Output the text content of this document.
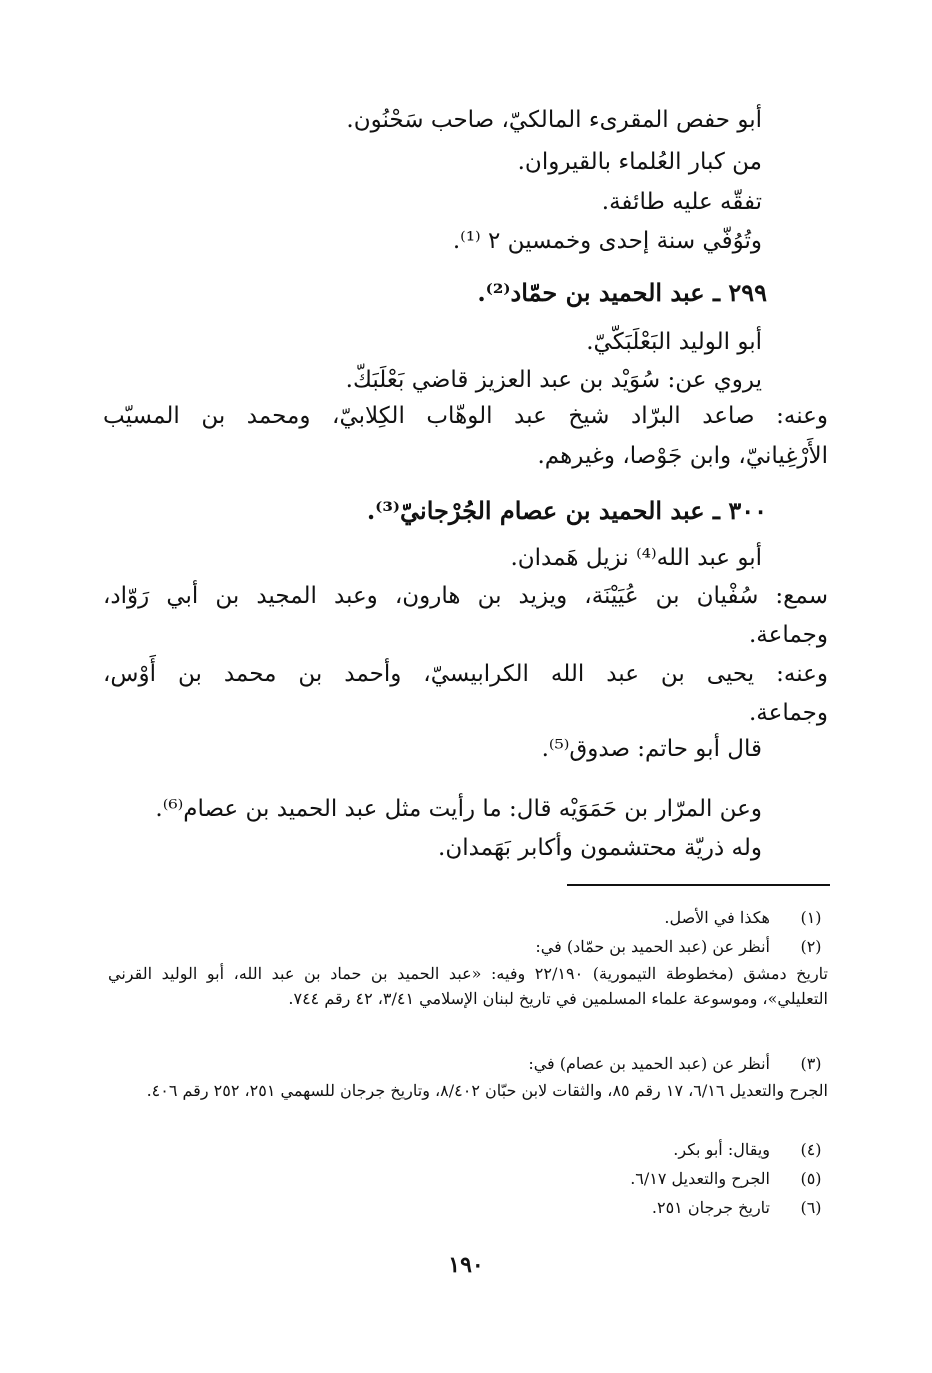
أبو حفص المقرىء المالكيّ، صاحب سَحْنُون.
من كبار العُلماء بالقيروان.
تفقّه عليه طائفة.
وتُوُفّي سنة إحدى وخمسين ٢ ⁽¹⁾.
٢٩٩ ـ عبد الحميد بن حمّاد⁽²⁾.
أبو الوليد البَعْلَبَكّيّ.
يروي عن: سُوَيْد بن عبد العزيز قاضي بَعْلَبَكّ.
وعنه: صاعد البرّاد شيخ عبد الوهّاب الكِلابيّ، ومحمد بن المسيّب
الأَرْغِيانيّ، وابن جَوْصا، وغيرهم.
٣٠٠ ـ عبد الحميد بن عصام الجُرْجانيّ⁽³⁾.
أبو عبد الله⁽⁴⁾ نزيل هَمدان.
سمع: سُفْيان بن عُيَيْنَة، ويزيد بن هارون، وعبد المجيد بن أبي رَوّاد،
وجماعة.
وعنه: يحيى بن عبد الله الكرابيسيّ، وأحمد بن محمد بن أَوْس،
وجماعة.
قال أبو حاتم: صدوق⁽⁵⁾.
وعن المرّار بن حَمَوَيْه قال: ما رأيت مثل عبد الحميد بن عصام⁽⁶⁾.
وله ذريّة محتشمون وأكابر بَهَمدان.
(١)
هكذا في الأصل.
(٢)
أنظر عن (عبد الحميد بن حمّاد) في:
تاريخ دمشق (مخطوطة التيمورية) ٢٢/١٩٠ وفيه: «عبد الحميد بن حماد بن عبد الله، أبو الوليد القرني التعليلي»، وموسوعة علماء المسلمين في تاريخ لبنان الإسلامي ٣/٤١، ٤٢ رقم ٧٤٤.
(٣)
أنظر عن (عبد الحميد بن عصام) في:
الجرح والتعديل ٦/١٦، ١٧ رقم ٨٥، والثقات لابن حبّان ٨/٤٠٢، وتاريخ جرجان للسهمي ٢٥١، ٢٥٢ رقم ٤٠٦.
(٤)
ويقال: أبو بكر.
(٥)
الجرح والتعديل ٦/١٧.
(٦)
تاريخ جرجان ٢٥١.
١٩٠
